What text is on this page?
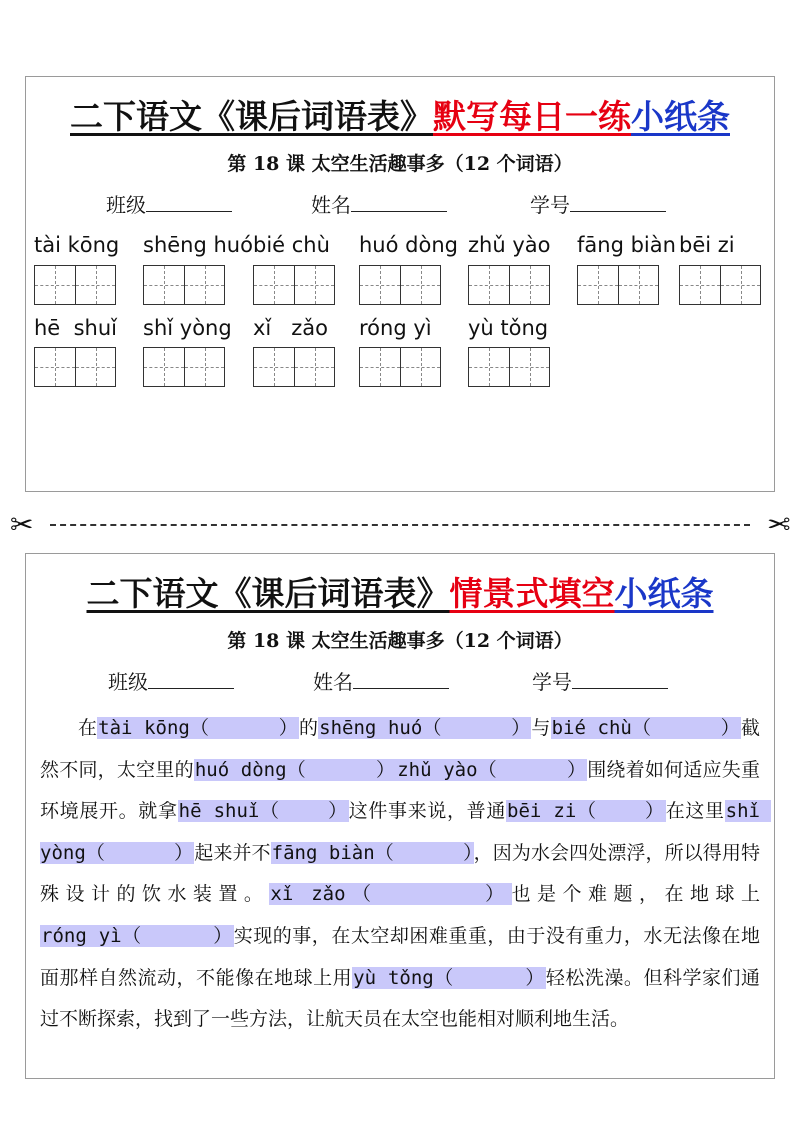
二下语文《课后词语表》默写每日一练小纸条
第 18 课 太空生活趣事多（12 个词语）
班级	姓名	学号
tài kōng shēng huó bié chù huó dòng zhǔ yào fāng biàn bēi zi
hē  shuǐ shǐ yòng xǐ   zǎo róng yì yù tǒng
✂	✂
二下语文《课后词语表》情景式填空小纸条
第 18 课 太空生活趣事多（12 个词语）
班级	姓名	学号
在tài kōng（      ）的shēng huó（      ）与bié chù（      ）截然不同，太空里的huó dòng（      ） zhǔ yào（      ）围绕着如何适应失重环境展开。就拿hē shuǐ（    ）这件事来说，普通bēi zi（    ）在这里shǐ yòng（      ）起来并不fāng biàn（      ），因为水会四处漂浮，所以得用特殊设计的饮水装置。xǐ zǎo（      ）也是个难题，在地球上róng yì（      ）实现的事，在太空却困难重重，由于没有重力，水无法像在地面那样自然流动，不能像在地球上用yù tǒng（      ）轻松洗澡。但科学家们通过不断探索，找到了一些方法，让航天员在太空也能相对顺利地生活。
